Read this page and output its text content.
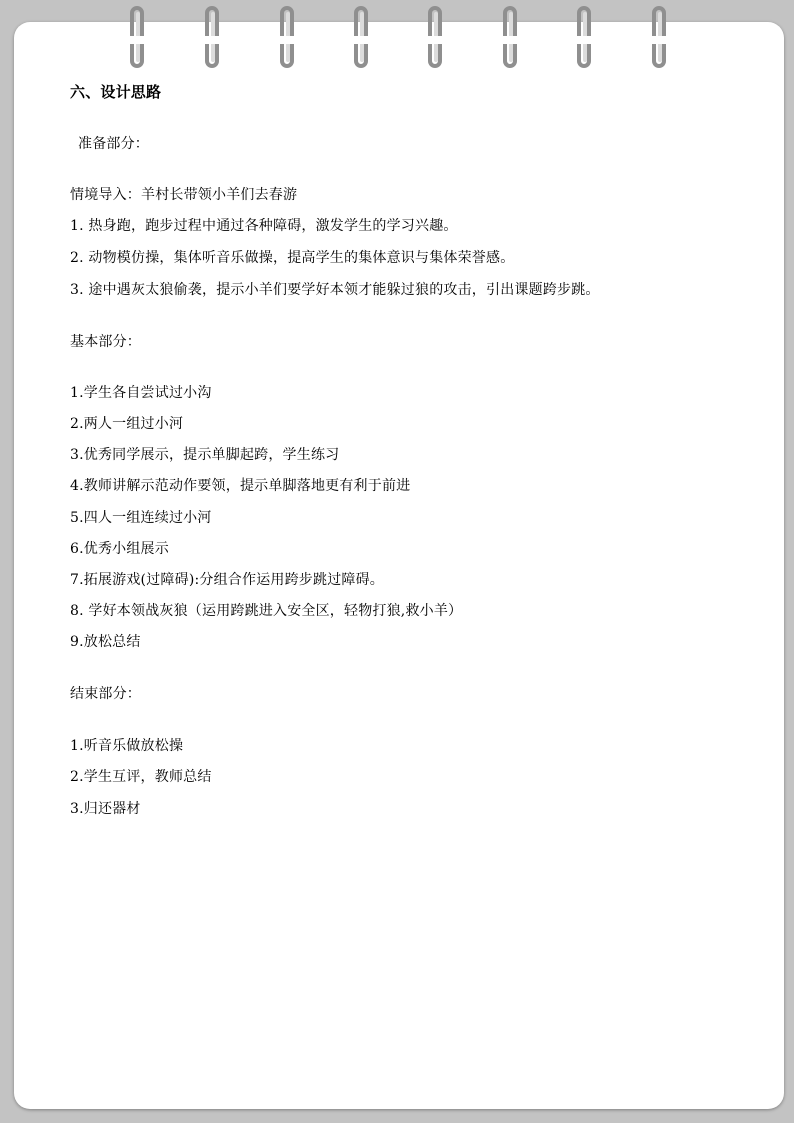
六、设计思路
准备部分：
情境导入：羊村长带领小羊们去春游
1. 热身跑，跑步过程中通过各种障碍，激发学生的学习兴趣。
2. 动物模仿操，集体听音乐做操，提高学生的集体意识与集体荣誉感。
3. 途中遇灰太狼偷袭，提示小羊们要学好本领才能躲过狼的攻击，引出课题跨步跳。
基本部分：
1.学生各自尝试过小沟
2.两人一组过小河
3.优秀同学展示，提示单脚起跨，学生练习
4.教师讲解示范动作要领，提示单脚落地更有利于前进
5.四人一组连续过小河
6.优秀小组展示
7.拓展游戏(过障碍):分组合作运用跨步跳过障碍。
8. 学好本领战灰狼（运用跨跳进入安全区，轻物打狼,救小羊）
9.放松总结
结束部分：
1.听音乐做放松操
2.学生互评，教师总结
3.归还器材
